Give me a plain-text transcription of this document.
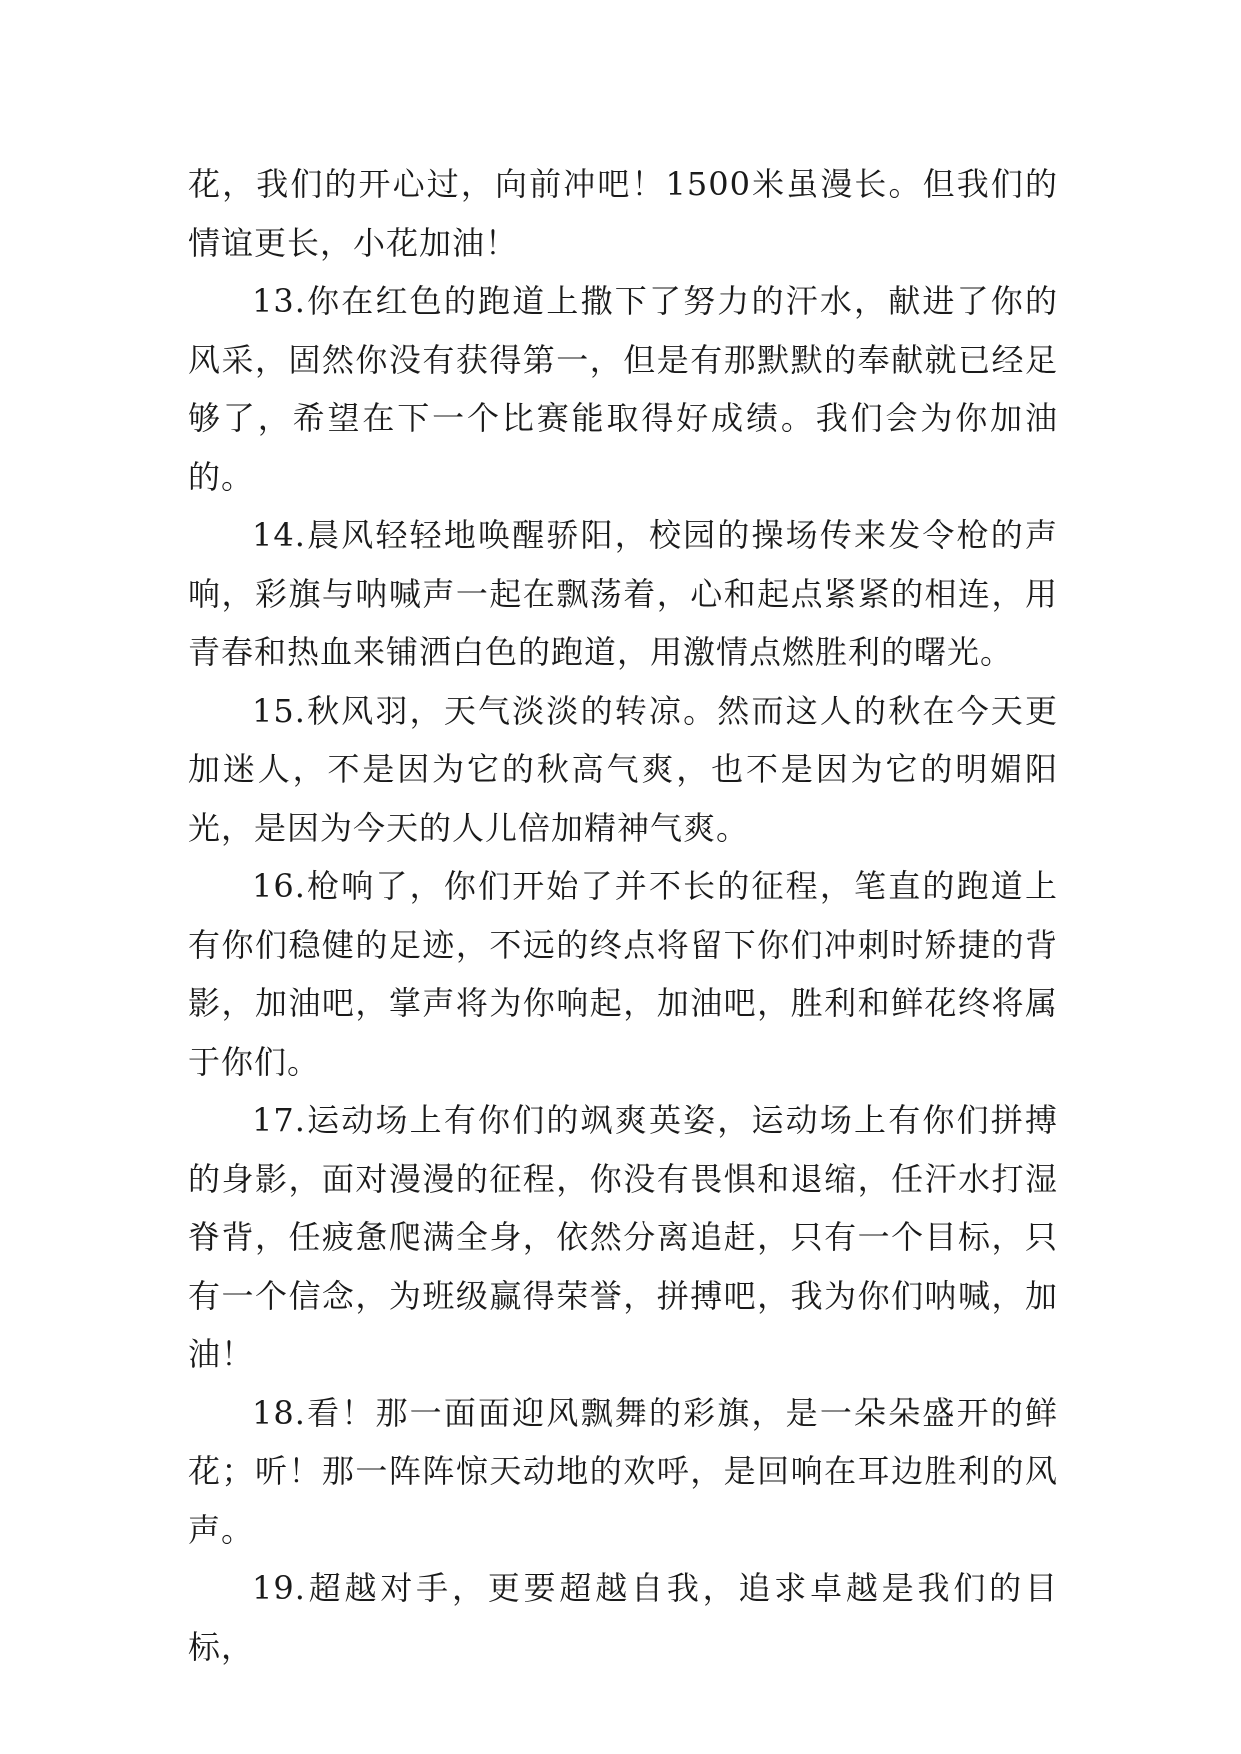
花，我们的开心过，向前冲吧！1500米虽漫长。但我们的情谊更长，小花加油！

13.你在红色的跑道上撒下了努力的汗水，献进了你的风采，固然你没有获得第一，但是有那默默的奉献就已经足够了，希望在下一个比赛能取得好成绩。我们会为你加油的。

14.晨风轻轻地唤醒骄阳，校园的操场传来发令枪的声响，彩旗与呐喊声一起在飘荡着，心和起点紧紧的相连，用青春和热血来铺洒白色的跑道，用激情点燃胜利的曙光。

15.秋风羽，天气淡淡的转凉。然而这人的秋在今天更加迷人，不是因为它的秋高气爽，也不是因为它的明媚阳光，是因为今天的人儿倍加精神气爽。

16.枪响了，你们开始了并不长的征程，笔直的跑道上有你们稳健的足迹，不远的终点将留下你们冲刺时矫捷的背影，加油吧，掌声将为你响起，加油吧，胜利和鲜花终将属于你们。

17.运动场上有你们的飒爽英姿，运动场上有你们拼搏的身影，面对漫漫的征程，你没有畏惧和退缩，任汗水打湿脊背，任疲惫爬满全身，依然分离追赶，只有一个目标，只有一个信念，为班级赢得荣誉，拼搏吧，我为你们呐喊，加油！

18.看！那一面面迎风飘舞的彩旗，是一朵朵盛开的鲜花；听！那一阵阵惊天动地的欢呼，是回响在耳边胜利的风声。

19.超越对手，更要超越自我，追求卓越是我们的目标，
